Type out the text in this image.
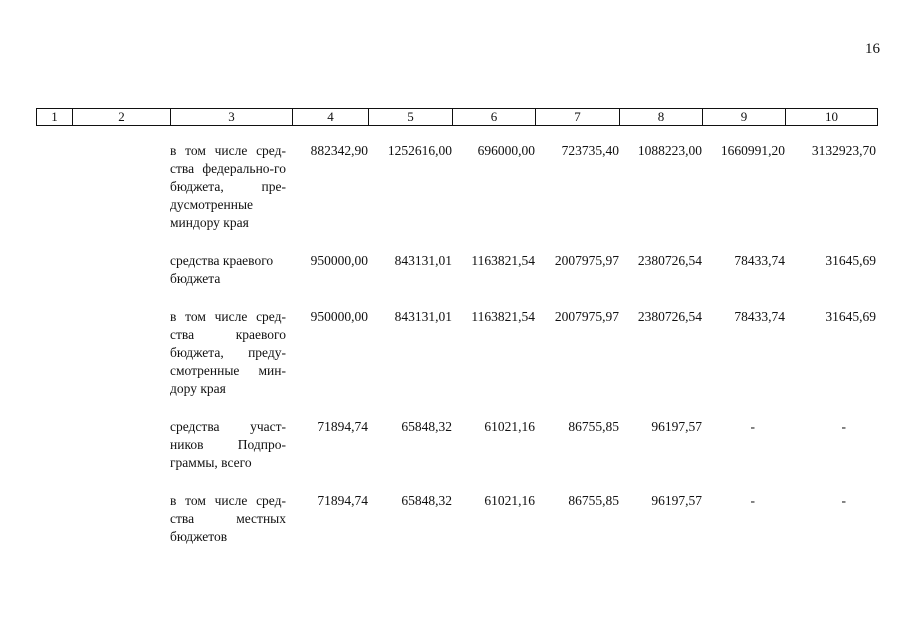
16
1	2	3	4	5	6	7	8	9	10
в том числе сред-ства федерально-го бюджета, пре-дусмотренные миндору края
882342,90	1252616,00	696000,00	723735,40	1088223,00	1660991,20	3132923,70
средства краевого бюджета
950000,00	843131,01	1163821,54	2007975,97	2380726,54	78433,74	31645,69
в том числе сред-ства краевого бюджета, преду-смотренные мин-дору края
950000,00	843131,01	1163821,54	2007975,97	2380726,54	78433,74	31645,69
средства участ-ников Подпро-граммы, всего
71894,74	65848,32	61021,16	86755,85	96197,57	-	-
в том числе сред-ства местных бюджетов
71894,74	65848,32	61021,16	86755,85	96197,57	-	-
